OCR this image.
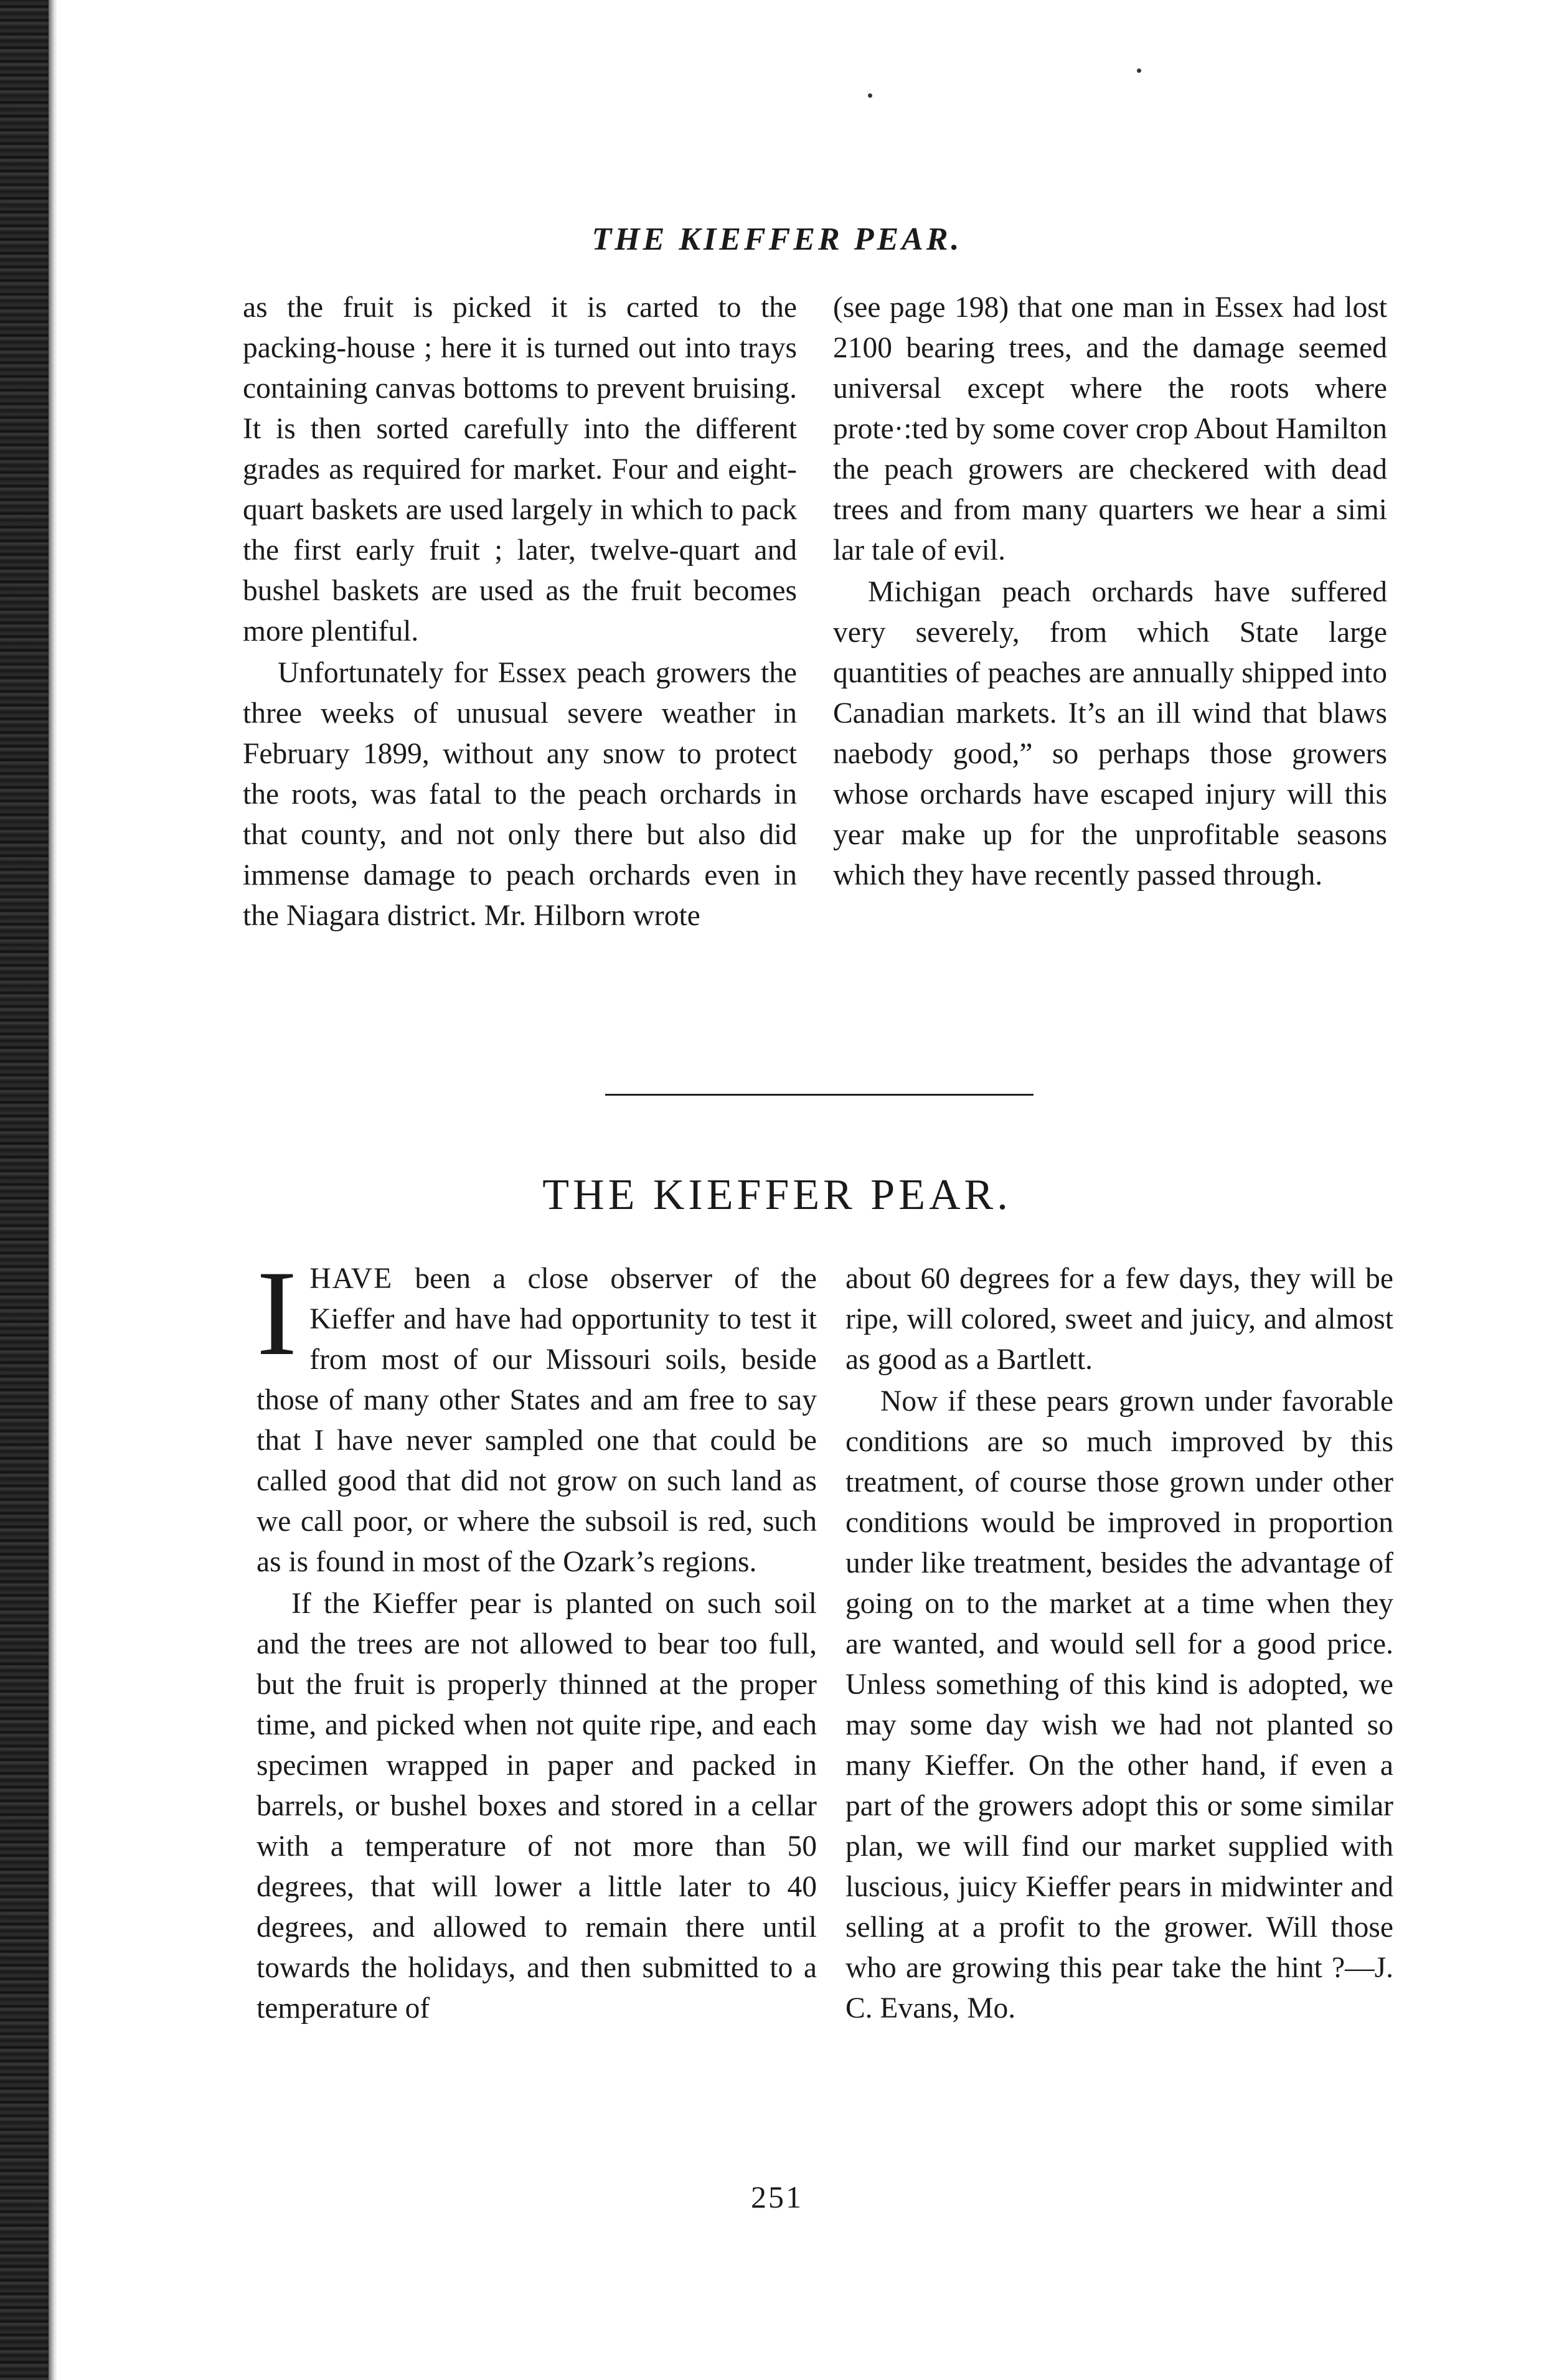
THE KIEFFER PEAR.

as the fruit is picked it is carted to the packing-house ; here it is turned out into trays containing canvas bottoms to prevent bruising. It is then sorted carefully into the different grades as required for market. Four and eight-quart baskets are used largely in which to pack the first early fruit ; later, twelve-quart and bushel baskets are used as the fruit becomes more plentiful.

Unfortunately for Essex peach growers the three weeks of unusual severe weather in February 1899, without any snow to protect the roots, was fatal to the peach orchards in that county, and not only there but also did immense damage to peach orchards even in the Niagara district. Mr. Hilborn wrote

(see page 198) that one man in Essex had lost 2100 bearing trees, and the damage seemed universal except where the roots where prote·:ted by some cover crop About Hamilton the peach growers are checkered with dead trees and from many quarters we hear a simi lar tale of evil.

Michigan peach orchards have suffered very severely, from which State large quantities of peaches are annually shipped into Canadian markets. It’s an ill wind that blaws naebody good,” so perhaps those growers whose orchards have escaped injury will this year make up for the unprofitable seasons which they have recently passed through.

THE KIEFFER PEAR.

IHAVE been a close observer of the Kieffer and have had opportunity to test it from most of our Missouri soils, beside those of many other States and am free to say that I have never sampled one that could be called good that did not grow on such land as we call poor, or where the subsoil is red, such as is found in most of the Ozark’s regions.

If the Kieffer pear is planted on such soil and the trees are not allowed to bear too full, but the fruit is properly thinned at the proper time, and picked when not quite ripe, and each specimen wrapped in paper and packed in barrels, or bushel boxes and stored in a cellar with a temperature of not more than 50 degrees, that will lower a little later to 40 degrees, and allowed to remain there until towards the holidays, and then submitted to a temperature of

about 60 degrees for a few days, they will be ripe, will colored, sweet and juicy, and almost as good as a Bartlett.

Now if these pears grown under favorable conditions are so much improved by this treatment, of course those grown under other conditions would be improved in proportion under like treatment, besides the advantage of going on to the market at a time when they are wanted, and would sell for a good price. Unless something of this kind is adopted, we may some day wish we had not planted so many Kieffer. On the other hand, if even a part of the growers adopt this or some similar plan, we will find our market supplied with luscious, juicy Kieffer pears in midwinter and selling at a profit to the grower. Will those who are growing this pear take the hint ?—J. C. Evans, Mo.

251
